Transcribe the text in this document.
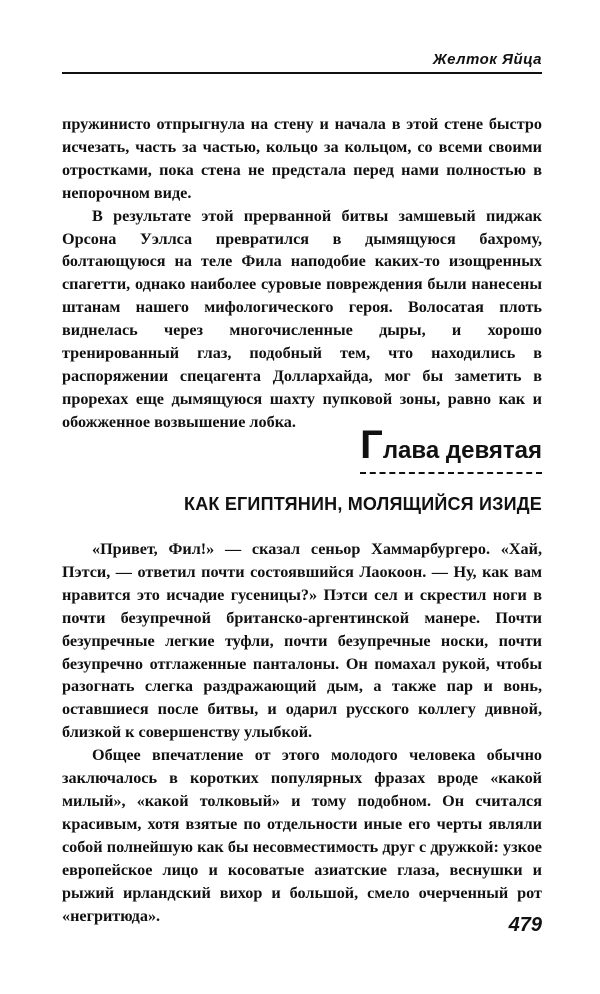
Желток Яйца

пружинисто отпрыгнула на стену и начала в этой стене быстро исчезать, часть за частью, кольцо за кольцом, со всеми своими отростками, пока стена не предстала перед нами полностью в непорочном виде.

В результате этой прерванной битвы замшевый пиджак Орсона Уэллса превратился в дымящуюся бахрому, болтающуюся на теле Фила наподобие каких-то изощренных спагетти, однако наиболее суровые повреждения были нанесены штанам нашего мифологического героя. Волосатая плоть виднелась через многочисленные дыры, и хорошо тренированный глаз, подобный тем, что находились в распоряжении спецагента Доллархайда, мог бы заметить в прорехах еще дымящуюся шахту пупковой зоны, равно как и обожженное возвышение лобка.

Глава девятая
КАК ЕГИПТЯНИН, МОЛЯЩИЙСЯ ИЗИДЕ

«Привет, Фил!» — сказал сеньор Хаммарбургеро. «Хай, Пэтси, — ответил почти состоявшийся Лаокоон. — Ну, как вам нравится это исчадие гусеницы?» Пэтси сел и скрестил ноги в почти безупречной британско-аргентинской манере. Почти безупречные легкие туфли, почти безупречные носки, почти безупречно отглаженные панталоны. Он помахал рукой, чтобы разогнать слегка раздражающий дым, а также пар и вонь, оставшиеся после битвы, и одарил русского коллегу дивной, близкой к совершенству улыбкой.

Общее впечатление от этого молодого человека обычно заключалось в коротких популярных фразах вроде «какой милый», «какой толковый» и тому подобном. Он считался красивым, хотя взятые по отдельности иные его черты являли собой полнейшую как бы несовместимость друг с дружкой: узкое европейское лицо и косоватые азиатские глаза, веснушки и рыжий ирландский вихор и большой, смело очерченный рот «негритюда».	479
